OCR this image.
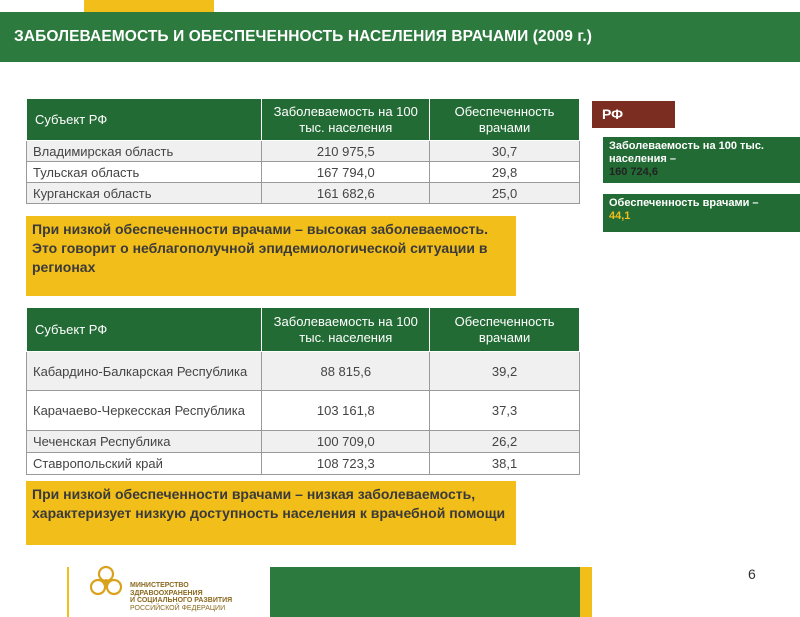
ЗАБОЛЕВАЕМОСТЬ И ОБЕСПЕЧЕННОСТЬ НАСЕЛЕНИЯ ВРАЧАМИ (2009 г.)
Субъект РФ	Заболеваемость на 100 тыс. населения	Обеспеченность врачами
Владимирская область	210 975,5	30,7
Тульская область	167 794,0	29,8
Курганская область	161 682,6	25,0
При низкой обеспеченности врачами – высокая заболеваемость. Это говорит о неблагополучной эпидемиологической ситуации в регионах
Субъект РФ	Заболеваемость на 100 тыс. населения	Обеспеченность врачами
Кабардино-Балкарская Республика	88 815,6	39,2
Карачаево-Черкесская Республика	103 161,8	37,3
Чеченская Республика	100 709,0	26,2
Ставропольский край	108 723,3	38,1
При низкой обеспеченности врачами – низкая заболеваемость, характеризует низкую доступность населения к врачебной помощи
РФ
Заболеваемость на 100 тыс. населения –
160 724,6
Обеспеченность врачами –
44,1
6
МИНИСТЕРСТВО
ЗДРАВООХРАНЕНИЯ
И СОЦИАЛЬНОГО РАЗВИТИЯ
РОССИЙСКОЙ ФЕДЕРАЦИИ
